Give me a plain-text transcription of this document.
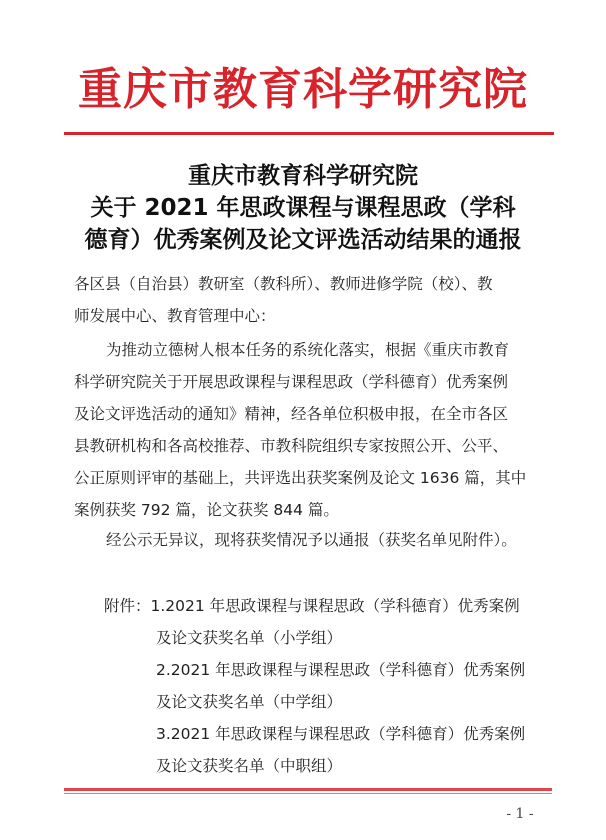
重庆市教育科学研究院
重庆市教育科学研究院
关于 2021 年思政课程与课程思政（学科
德育）优秀案例及论文评选活动结果的通报
各区县（自治县）教研室（教科所）、教师进修学院（校）、教
师发展中心、教育管理中心：
为推动立德树人根本任务的系统化落实，根据《重庆市教育
科学研究院关于开展思政课程与课程思政（学科德育）优秀案例
及论文评选活动的通知》精神，经各单位积极申报，在全市各区
县教研机构和各高校推荐、市教科院组织专家按照公开、公平、
公正原则评审的基础上，共评选出获奖案例及论文 1636 篇，其中
案例获奖 792 篇，论文获奖 844 篇。
经公示无异议，现将获奖情况予以通报（获奖名单见附件）。
附件：1.2021 年思政课程与课程思政（学科德育）优秀案例
及论文获奖名单（小学组）
2.2021 年思政课程与课程思政（学科德育）优秀案例
及论文获奖名单（中学组）
3.2021 年思政课程与课程思政（学科德育）优秀案例
及论文获奖名单（中职组）
- 1 -
